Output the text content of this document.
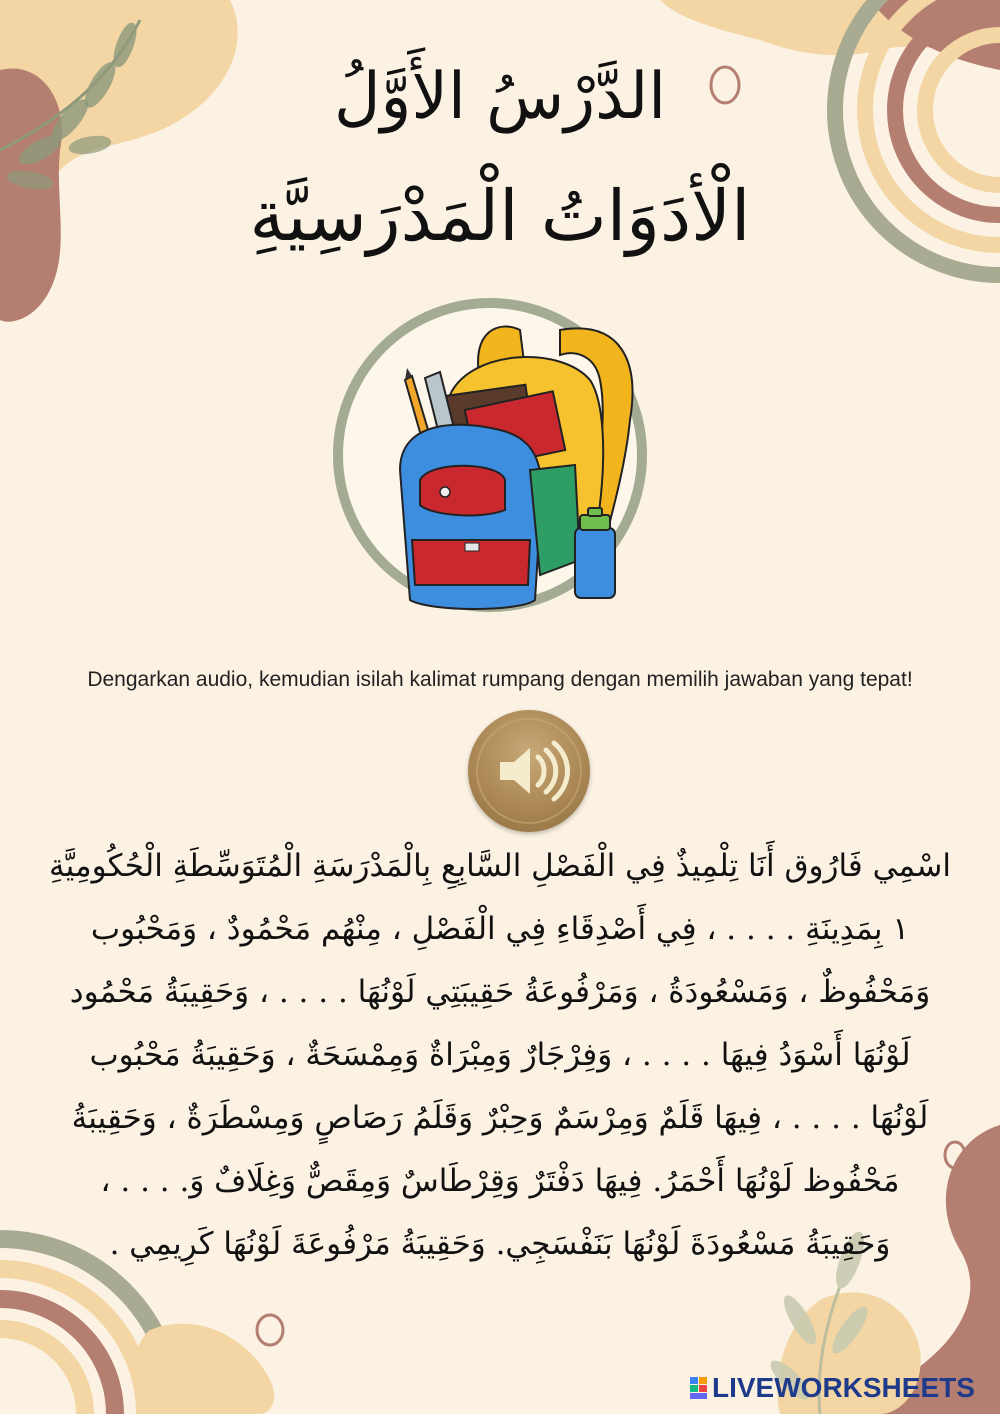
الدَّرْسُ الأَوَّلُ
الْأدَوَاتُ الْمَدْرَسِيَّةِ
Dengarkan audio, kemudian isilah kalimat rumpang dengan memilih jawaban yang tepat!
اسْمِي فَارُوق أَنَا تِلْمِيذٌ فِي الْفَصْلِ السَّابِعِ بِالْمَدْرَسَةِ الْمُتَوَسِّطَةِ الْحُكُومِيَّةِ
١ بِمَدِينَةِ . . . . ، فِي أَصْدِقَاءِ فِي الْفَصْلِ ، مِنْهُم مَحْمُودٌ ، وَمَحْبُوب
وَمَحْفُوظٌ ، وَمَسْعُودَةُ ، وَمَرْفُوعَةُ حَقِيبَتِي لَوْنُهَا . . . . ، وَحَقِيبَةُ مَحْمُود
لَوْنُهَا أَسْوَدُ فِيهَا . . . . ، وَفِرْجَارٌ وَمِبْرَاةٌ وَمِمْسَحَةٌ ، وَحَقِيبَةُ مَحْبُوب
لَوْنُهَا . . . . ، فِيهَا قَلَمٌ وَمِرْسَمٌ وَحِبْرٌ وَقَلَمُ رَصَاصٍ وَمِسْطَرَةٌ ، وَحَقِيبَةُ
مَحْفُوظ لَوْنُهَا أَحْمَرُ. فِيهَا دَفْتَرٌ وَقِرْطَاسٌ وَمِقَصٌّ وَغِلَافٌ وَ. . . . ،
وَحَقِيبَةُ مَسْعُودَةَ لَوْنُهَا بَنَفْسَجِي. وَحَقِيبَةُ مَرْفُوعَةَ لَوْنُهَا كَرِيمِي .
LIVEWORKSHEETS
